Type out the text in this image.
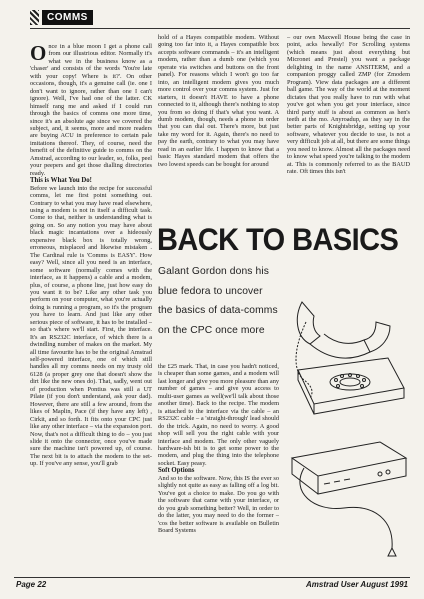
COMMS

Once in a blue moon I get a phone call from our illustrious editor. Normally it's what we in the business know as a 'chaser' and consists of the words 'You're late with your copy! Where is it?'. On other occasions, though, it's a genuine call (ie. one I don't want to ignore, rather than one I can't ignore). Well, I've had one of the latter. CK himself rang me and asked if I could run through the basics of comms one more time, since it's an absolute age since we covered the subject, and, it seems, more and more readers are buying ACU in preference to certain pale imitations thereof. They, of course, need the benefit of the definitive guide to comms on the Amstrad, according to our leader, so, folks, peel your peepers and get those dialling directories ready.

This is What You Do!

Before we launch into the recipe for successful comms, let me first point something out. Contrary to what you may have read elsewhere, using a modem is not in itself a difficult task. Come to that, neither is understanding what is going on. So any notion you may have about black magic incantations over a hideously expensive black box is totally wrong, erroneous, misplaced and likewise mistaken . The Cardinal rule is 'Comms is EASY'. How easy? Well, since all you need is an interface, some software (normally comes with the interface, as it happens) a cable and a modem, plus, of course, a phone line, just how easy do you want it to be? Like any other task you perform on your computer, what you're actually doing is running a program, so it's the program you have to learn. And just like any other serious piece of software, it has to be installed – so that's where we'll start. First, the interface. It's an RS232C interface, of which there is a dwindling number of makes on the market. My all time favourite has to be the original Amstrad self-powered interface, one of which still handles all my comms needs on my trusty old 6128 (a proper grey one that doesn't show the dirt like the new ones do). That, sadly, went out of production when Pontius was still a UT Pilate (if you don't understand, ask your dad). However, there are still a few around, from the likes of Maplin, Pace (if they have any left) , Cirkit, and so forth. It fits onto your CPC just like any other interface – via the expansion port. Now, that's not a difficult thing to do – you just slide it onto the connector, once you've made sure the machine isn't powered up, of course. The next bit is to attach the modem to the set-up. If you've any sense, you'll grab

hold of a Hayes compatible modem. Without going too far into it, a Hayes compatible box accepts software commands – it's an intelligent modem, rather than a dumb one (which you operate via switches and buttons on the front panel). For reasons which I won't go too far into, an intelligent modem gives you much more control over your comms system. Just for starters, it doesn't HAVE to have a phone connected to it, although there's nothing to stop you from so doing if that's what you want. A dumb modem, though, needs a phone in order that you can dial out. There's more, but just take my word for it. Again, there's no need to pay the earth, contrary to what you may have read in an earlier life. I happen to know that a basic Hayes standard modem that offers the two lowest speeds can be bought for around

– our own Maxwell House being the case in point, acks hewally! For Scrolling systems (which means just about everything but Micronet and Prestel) you want a package delighting in the name ANSITERM, and a companion proggy called ZMP (for Zmodem Program). View data packages are a different ball game. The way of the world at the moment dictates that you really have to run with what you've got when you get your interface, since third party stuff is about as common as hen's teeth at the mo. Anyroadup, as they say in the better parts of Knightsbridge, setting up your software, whatever you decide to use, is not a very difficult job at all, but there are some things you need to know. Almost all the packages need to know what speed you're talking to the modem at. This is commonly referred to as the BAUD rate. Oft times this isn't

BACK TO BASICS
Galant Gordon dons his blue fedora to uncover the basics of data-comms on the CPC once more

the £25 mark. That, in case you hadn't noticed, is cheaper than some games, and a modem will last longer and give you more pleasure than any number of games – and give you access to multi-user games as well(we'll talk about those another time). Back to the recipe. The modem is attached to the interface via the cable – an RS232C cable – a 'straight-through' lead should do the trick. Again, no need to worry. A good shop will sell you the right cable with your interface and modem. The only other vaguely hardware-ish bit is to get some power to the modem, and plug the thing into the telephone socket. Easy peasy.

Soft Options

And so to the software. Now, this IS the ever so slightly not quite as easy as falling off a log bit. You've got a choice to make. Do you go with the software that came with your interface, or do you grab something better? Well, in order to do the latter, you may need to do the former – 'cos the better software is available on Bulletin Board Systems

Page 22	Amstrad User August 1991
